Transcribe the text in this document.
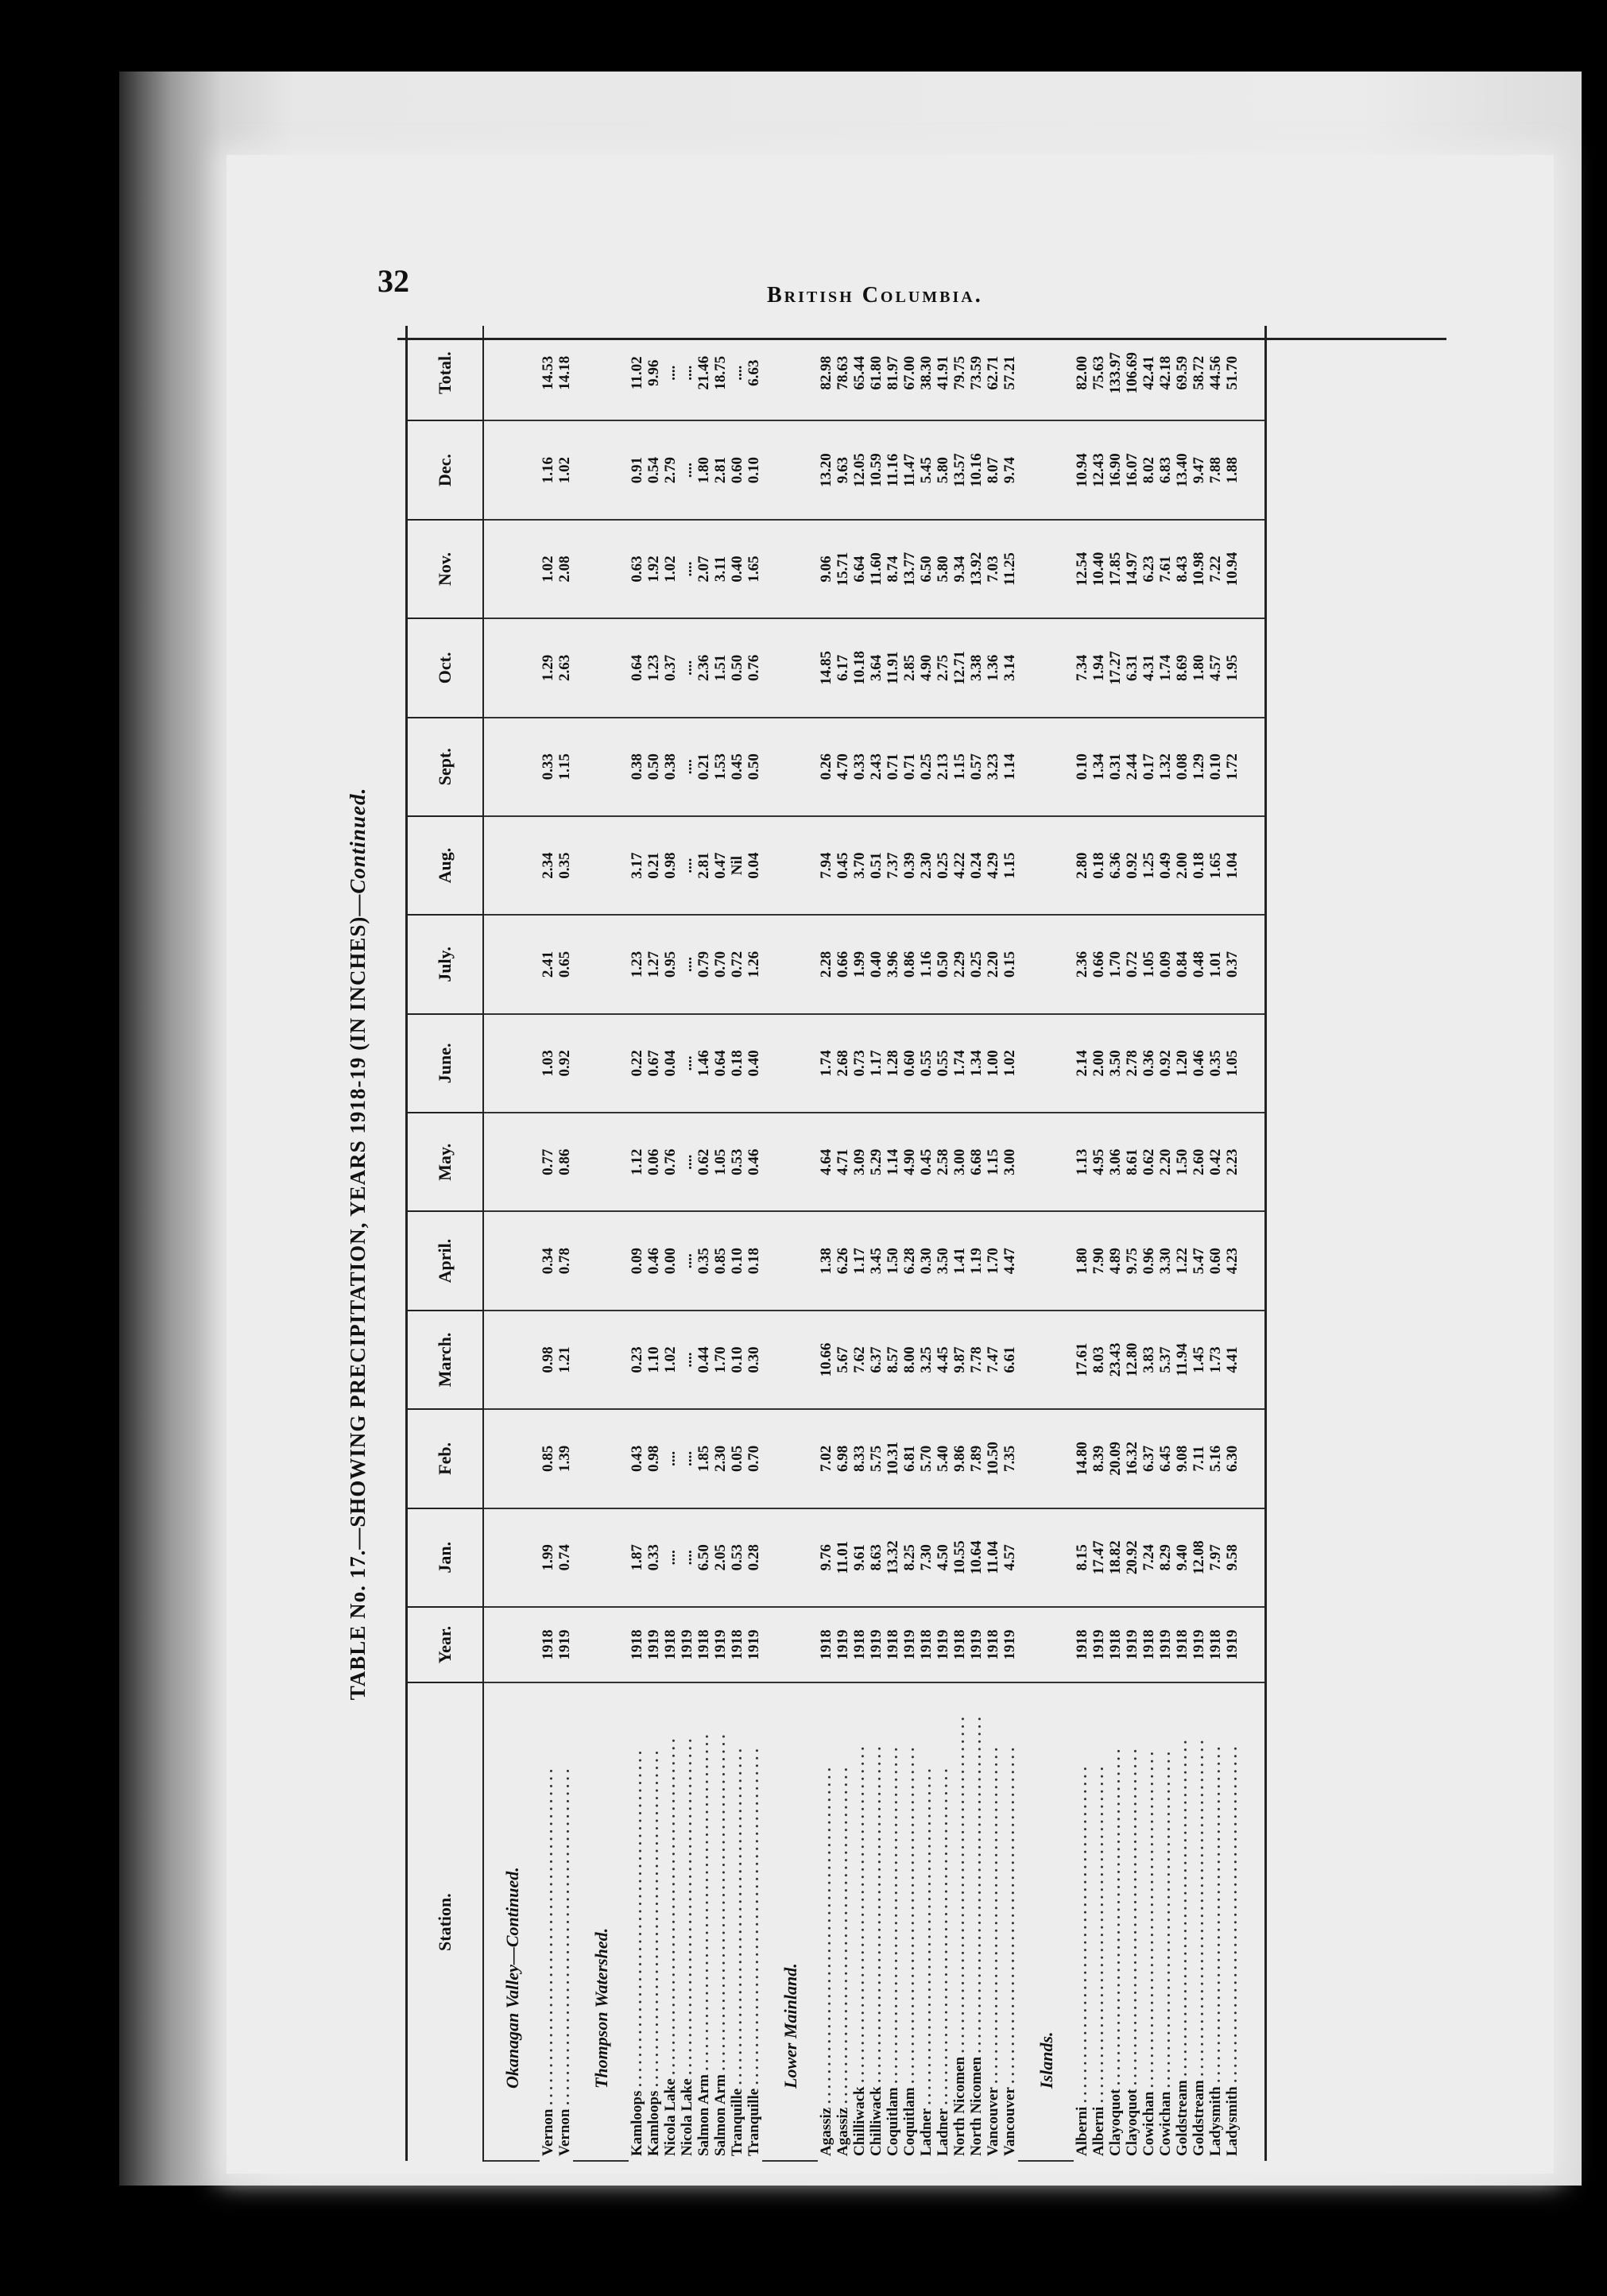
32	British Columbia.
TABLE No. 17.—SHOWING PRECIPITATION, YEARS 1918-19 (IN INCHES)—Continued.
Station.	Year.	Jan.	Feb.	March.	April.	May.	June.	July.	Aug.	Sept.	Oct.	Nov.	Dec.	Total.
Okanagan Valley—Continued.														
Vernon . . .	1918	1.99	0.85	0.98	0.34	0.77	1.03	2.41	2.34	0.33	1.29	1.02	1.16	14.53
Vernon . . .	1919	0.74	1.39	1.21	0.78	0.86	0.92	0.65	0.35	1.15	2.63	2.08	1.02	14.18
Thompson Watershed.														
Kamloops . . .	1918	1.87	0.43	0.23	0.09	1.12	0.22	1.23	3.17	0.38	0.64	0.63	0.91	11.02
Kamloops . . .	1919	0.33	0.98	1.10	0.46	0.06	0.67	1.27	0.21	0.50	1.23	1.92	0.54	9.96
Nicola Lake . . .	1918	....	....	1.02	0.00	0.76	0.04	0.95	0.98	0.38	0.37	1.02	2.79	....
Nicola Lake . . .	1919	....	....	....	....	....	....	....	....	....	....	....	....	....
Salmon Arm . . .	1918	6.50	1.85	0.44	0.35	0.62	1.46	0.79	2.81	0.21	2.36	2.07	1.80	21.46
Salmon Arm . . .	1919	2.05	2.30	1.70	0.85	1.05	0.64	0.70	0.47	1.53	1.51	3.11	2.81	18.75
Tranquille . . .	1918	0.53	0.05	0.10	0.10	0.53	0.18	0.72	Nil	0.45	0.50	0.40	0.60	....
Tranquille . . .	1919	0.28	0.70	0.30	0.18	0.46	0.40	1.26	0.04	0.50	0.76	1.65	0.10	6.63
Lower Mainland.														
Agassiz . . .	1918	9.76	7.02	10.66	1.38	4.64	1.74	2.28	7.94	0.26	14.85	9.06	13.20	82.98
Agassiz . . .	1919	11.01	6.98	5.67	6.26	4.71	2.68	0.66	0.45	4.70	6.17	15.71	9.63	78.63
Chilliwack . . .	1918	9.61	8.33	7.62	1.17	3.09	0.73	1.99	3.70	0.33	10.18	6.64	12.05	65.44
Chilliwack . . .	1919	8.63	5.75	6.37	3.45	5.29	1.17	0.40	0.51	2.43	3.64	11.60	10.59	61.80
Coquitlam . . .	1918	13.32	10.31	8.57	1.50	1.14	1.28	3.96	7.37	0.71	11.91	8.74	11.16	81.97
Coquitlam . . .	1919	8.25	6.81	8.00	6.28	4.90	0.60	0.86	0.39	0.71	2.85	13.77	11.47	67.00
Ladner . . .	1918	7.30	5.70	3.25	0.30	0.45	0.55	1.16	2.30	0.25	4.90	6.50	5.45	38.30
Ladner . . .	1919	4.50	5.40	4.45	3.50	2.58	0.55	0.50	0.25	2.13	2.75	5.80	5.80	41.91
North Nicomen . . .	1918	10.55	9.86	9.87	1.41	3.00	1.74	2.29	4.22	1.15	12.71	9.34	13.57	79.75
North Nicomen . . .	1919	10.64	7.89	7.78	1.19	6.68	1.34	0.25	0.24	0.57	3.38	13.92	10.16	73.59
Vancouver . . .	1918	11.04	10.50	7.47	1.70	1.15	1.00	2.20	4.29	3.23	1.36	7.03	8.07	62.71
Vancouver . . .	1919	4.57	7.35	6.61	4.47	3.00	1.02	0.15	1.15	1.14	3.14	11.25	9.74	57.21
Islands.														
Alberni . . .	1918	8.15	14.80	17.61	1.80	1.13	2.14	2.36	2.80	0.10	7.34	12.54	10.94	82.00
Alberni . . .	1919	17.47	8.39	8.03	7.90	4.95	2.00	0.66	0.18	1.34	1.94	10.40	12.43	75.63
Clayoquot . . .	1918	18.82	20.09	23.43	4.89	3.06	3.50	1.70	6.36	0.31	17.27	17.85	16.90	133.97
Clayoquot . . .	1919	20.92	16.32	12.80	9.75	8.61	2.78	0.72	0.92	2.44	6.31	14.97	16.07	106.69
Cowichan . . .	1918	7.24	6.37	3.83	0.96	0.62	0.36	1.05	1.25	0.17	4.31	6.23	8.02	42.41
Cowichan . . .	1919	8.29	6.45	5.37	3.30	2.20	0.92	0.09	0.49	1.32	1.74	7.61	6.83	42.18
Goldstream . . .	1918	9.40	9.08	11.94	1.22	1.50	1.20	0.84	2.00	0.08	8.69	8.43	13.40	69.59
Goldstream . . .	1919	12.08	7.11	1.45	5.47	2.60	0.46	0.48	0.18	1.29	1.80	10.98	9.47	58.72
Ladysmith . . .	1918	7.97	5.16	1.73	0.60	0.42	0.35	1.01	1.65	0.10	4.57	7.22	7.88	44.56
Ladysmith . . .	1919	9.58	6.30	4.41	4.23	2.23	1.05	0.37	1.04	1.72	1.95	10.94	1.88	51.70
